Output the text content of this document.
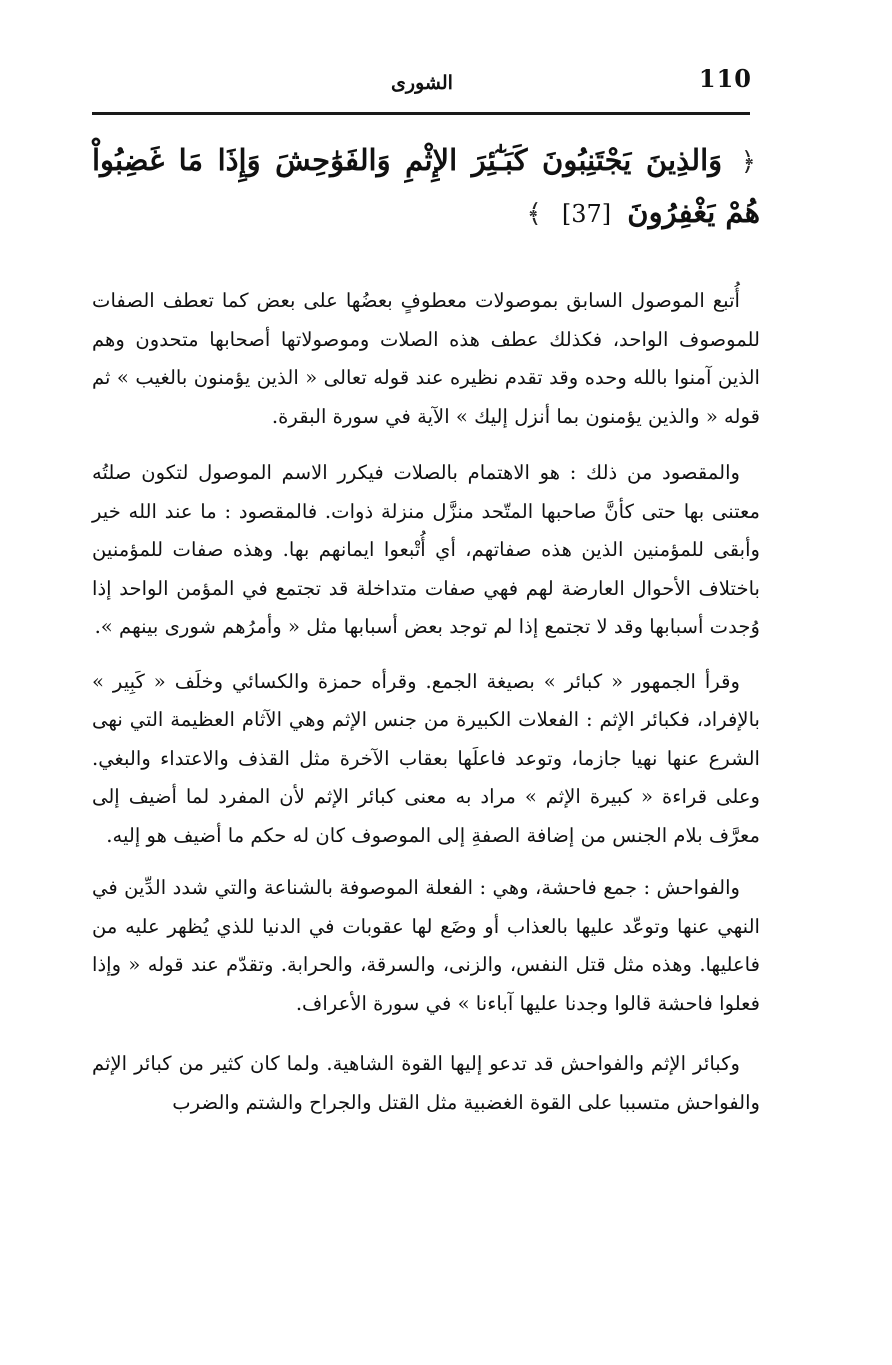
الشورى	110
﴿ وَالذِينَ يَجْتَنِبُونَ كَبَـٰٓئِرَ الإِثْمِ وَالفَوَٰحِشَ وَإِذَا مَا غَضِبُواْ هُمْ يَغْفِرُونَ [37] ﴾

أُتبع الموصول السابق بموصولات معطوفٍ بعضُها على بعض كما تعطف الصفات للموصوف الواحد، فكذلك عطف هذه الصلات وموصولاتها أصحابها متحدون وهم الذين آمنوا بالله وحده وقد تقدم نظيره عند قوله تعالى « الذين يؤمنون بالغيب » ثم قوله « والذين يؤمنون بما أنزل إليك » الآية في سورة البقرة.

والمقصود من ذلك : هو الاهتمام بالصلات فيكرر الاسم الموصول لتكون صلتُه معتنى بها حتى كأنَّ صاحبها المتّحد منزَّل منزلة ذوات. فالمقصود : ما عند الله خير وأبقى للمؤمنين الذين هذه صفاتهم، أي أُتْبعوا ايمانهم بها. وهذه صفات للمؤمنين باختلاف الأحوال العارضة لهم فهي صفات متداخلة قد تجتمع في المؤمن الواحد إذا وُجدت أسبابها وقد لا تجتمع إذا لم توجد بعض أسبابها مثل « وأمرُهم شورى بينهم ».

وقرأ الجمهور « كبائر » بصيغة الجمع. وقرأه حمزة والكسائي وخلَف « كَبِير » بالإفراد، فكبائر الإثم : الفعلات الكبيرة من جنس الإثم وهي الآثام العظيمة التي نهى الشرع عنها نهيا جازما، وتوعد فاعلَها بعقاب الآخرة مثل القذف والاعتداء والبغي. وعلى قراءة « كبيرة الإثم » مراد به معنى كبائر الإثم لأن المفرد لما أضيف إلى معرَّف بلام الجنس من إضافة الصفةِ إلى الموصوف كان له حكم ما أضيف هو إليه.

والفواحش : جمع فاحشة، وهي : الفعلة الموصوفة بالشناعة والتي شدد الدِّين في النهي عنها وتوعّد عليها بالعذاب أو وضَع لها عقوبات في الدنيا للذي يُظهر عليه من فاعليها. وهذه مثل قتل النفس، والزنى، والسرقة، والحرابة. وتقدّم عند قوله « وإذا فعلوا فاحشة قالوا وجدنا عليها آباءنا » في سورة الأعراف.

وكبائر الإثم والفواحش قد تدعو إليها القوة الشاهية. ولما كان كثير من كبائر الإثم والفواحش متسببا على القوة الغضبية مثل القتل والجراح والشتم والضرب
